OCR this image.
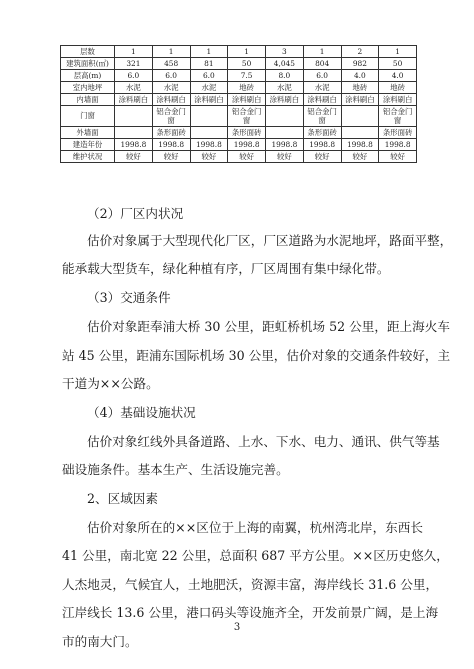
层数	1	1	1	1	3	1	2	1
建筑面积(㎡)	321	458	81	50	4,045	804	982	50
层高(m)	6.0	6.0	6.0	7.5	8.0	6.0	4.0	4.0
室内地坪	水泥	水泥	水泥	地砖	水泥	水泥	地砖	地砖
内墙面	涂料刷白	涂料刷白	涂料刷白	涂料刷白	涂料刷白	涂料刷白	涂料刷白	涂料刷白
门窗		铝合金门窗		铝合金门窗		铝合金门窗		铝合金门窗
外墙面		条形面砖		条形面砖		条形面砖		条形面砖
建造年份	1998.8	1998.8	1998.8	1998.8	1998.8	1998.8	1998.8	1998.8
维护状况	较好	较好	较好	较好	较好	较好	较好	较好
（2）厂区内状况
估价对象属于大型现代化厂区，厂区道路为水泥地坪，路面平整，
能承载大型货车，绿化种植有序，厂区周围有集中绿化带。
（3）交通条件
估价对象距奉浦大桥 30 公里，距虹桥机场 52 公里，距上海火车
站 45 公里，距浦东国际机场 30 公里，估价对象的交通条件较好，主
干道为××公路。
（4）基础设施状况
估价对象红线外具备道路、上水、下水、电力、通讯、供气等基
础设施条件。基本生产、生活设施完善。
2、区域因素
估价对象所在的××区位于上海的南翼，杭州湾北岸，东西长
41 公里，南北宽 22 公里，总面积 687 平方公里。××区历史悠久，
人杰地灵，气候宜人，土地肥沃，资源丰富，海岸线长 31.6 公里，
江岸线长 13.6 公里，港口码头等设施齐全，开发前景广阔，是上海
市的南大门。
3
